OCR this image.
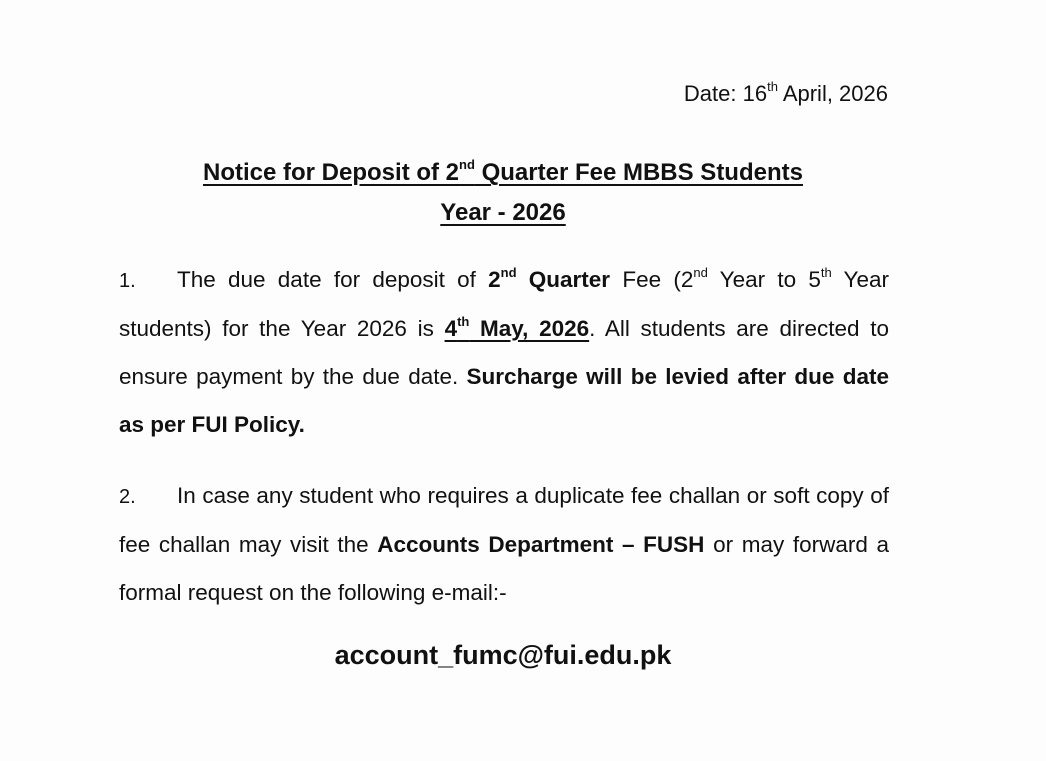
Date: 16th April, 2026
Notice for Deposit of 2nd Quarter Fee MBBS Students
Year - 2026
1. The due date for deposit of 2nd Quarter Fee (2nd Year to 5th Year students) for the Year 2026 is 4th May, 2026. All students are directed to ensure payment by the due date. Surcharge will be levied after due date as per FUI Policy.
2. In case any student who requires a duplicate fee challan or soft copy of fee challan may visit the Accounts Department – FUSH or may forward a formal request on the following e-mail:-
account_fumc@fui.edu.pk
